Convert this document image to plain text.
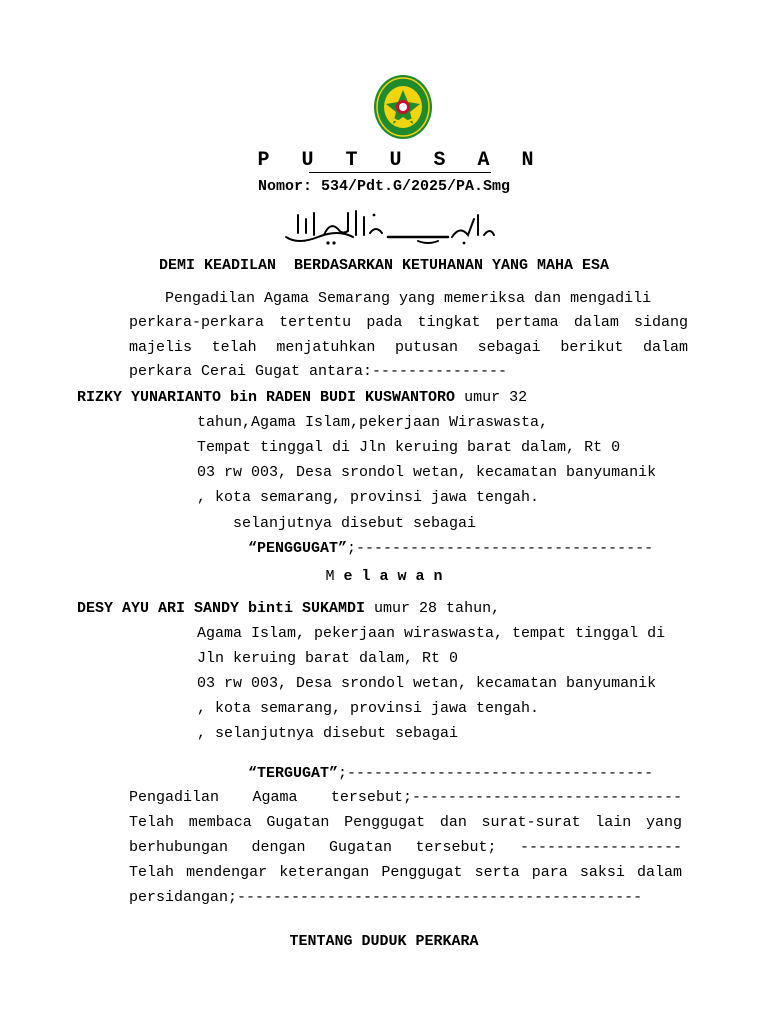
P U T U S A N
Nomor: 534/Pdt.G/2025/PA.Smg
DEMI KEADILAN  BERDASARKAN KETUHANAN YANG MAHA ESA
Pengadilan Agama Semarang yang memeriksa dan mengadili
perkara-perkara tertentu pada tingkat pertama dalam sidang
majelis telah menjatuhkan putusan sebagai berikut dalam
perkara Cerai Gugat antara:---------------
RIZKY YUNARIANTO bin RADEN BUDI KUSWANTORO umur 32
tahun,Agama Islam,pekerjaan Wiraswasta,
Tempat tinggal di Jln keruing barat dalam, Rt 0
03 rw 003, Desa srondol wetan, kecamatan banyumanik
, kota semarang, provinsi jawa tengah.
selanjutnya disebut sebagai
“PENGGUGAT”;---------------------------------
M e l a w a n
DESY AYU ARI SANDY binti SUKAMDI umur 28 tahun,
Agama Islam, pekerjaan wiraswasta, tempat tinggal di
Jln keruing barat dalam, Rt 0
03 rw 003, Desa srondol wetan, kecamatan banyumanik
, kota semarang, provinsi jawa tengah.
, selanjutnya disebut sebagai
“TERGUGAT”;----------------------------------
Pengadilan Agama tersebut;------------------------------
Telah membaca Gugatan Penggugat dan surat-surat lain yang
berhubungan dengan Gugatan tersebut; ------------------
Telah mendengar keterangan Penggugat serta para saksi dalam
persidangan;---------------------------------------------
TENTANG DUDUK PERKARA
